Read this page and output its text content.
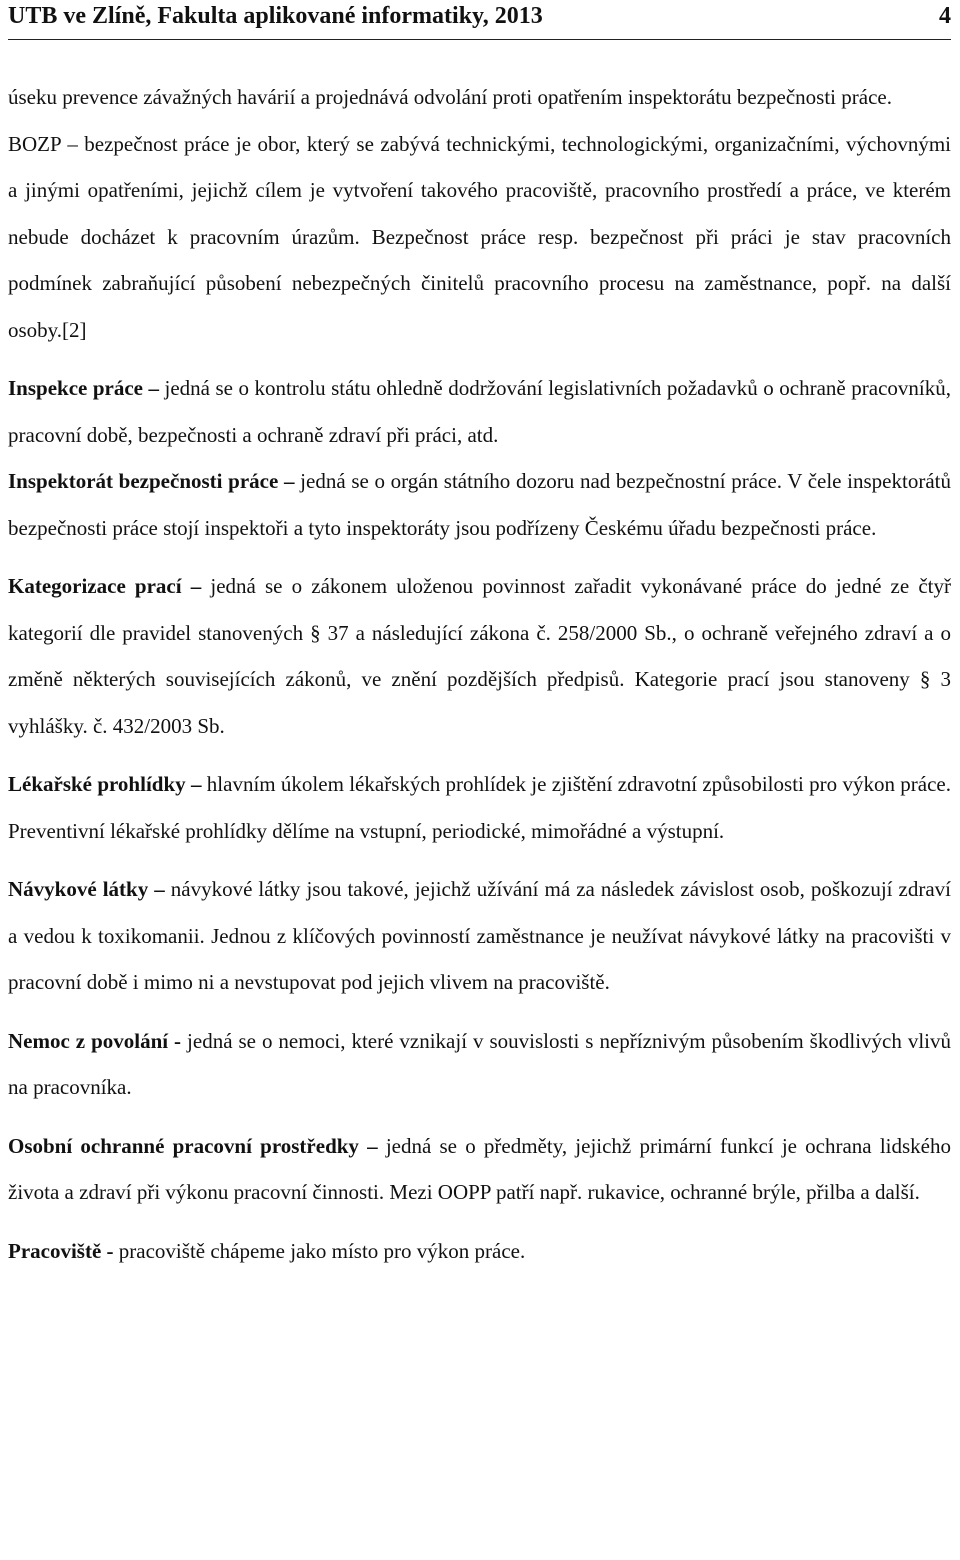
UTB ve Zlíně, Fakulta aplikované informatiky, 2013	4

úseku prevence závažných havárií a projednává odvolání proti opatřením inspektorátu bezpečnosti práce.

BOZP – bezpečnost práce je obor, který se zabývá technickými, technologickými, organizačními, výchovnými a jinými opatřeními, jejichž cílem je vytvoření takového pracoviště, pracovního prostředí a práce, ve kterém nebude docházet k pracovním úrazům. Bezpečnost práce resp. bezpečnost při práci je stav pracovních podmínek zabraňující působení nebezpečných činitelů pracovního procesu na zaměstnance, popř. na další osoby.[2]

Inspekce práce – jedná se o kontrolu státu ohledně dodržování legislativních požadavků o ochraně pracovníků, pracovní době, bezpečnosti a ochraně zdraví při práci, atd.

Inspektorát bezpečnosti práce – jedná se o orgán státního dozoru nad bezpečnostní práce. V čele inspektorátů bezpečnosti práce stojí inspektoři a tyto inspektoráty jsou podřízeny Českému úřadu bezpečnosti práce.

Kategorizace prací – jedná se o zákonem uloženou povinnost zařadit vykonávané práce do jedné ze čtyř kategorií dle pravidel stanovených § 37 a následující zákona č. 258/2000 Sb., o ochraně veřejného zdraví a o změně některých souvisejících zákonů, ve znění pozdějších předpisů. Kategorie prací jsou stanoveny § 3 vyhlášky. č. 432/2003 Sb.

Lékařské prohlídky – hlavním úkolem lékařských prohlídek je zjištění zdravotní způsobilosti pro výkon práce. Preventivní lékařské prohlídky dělíme na vstupní, periodické, mimořádné a výstupní.

Návykové látky – návykové látky jsou takové, jejichž užívání má za následek závislost osob, poškozují zdraví a vedou k toxikomanii. Jednou z klíčových povinností zaměstnance je neužívat návykové látky na pracovišti v pracovní době i mimo ni a nevstupovat pod jejich vlivem na pracoviště.

Nemoc z povolání - jedná se o nemoci, které vznikají v souvislosti s nepříznivým působením škodlivých vlivů na pracovníka.

Osobní ochranné pracovní prostředky – jedná se o předměty, jejichž primární funkcí je ochrana lidského života a zdraví při výkonu pracovní činnosti. Mezi OOPP patří např. rukavice, ochranné brýle, přilba a další.

Pracoviště - pracoviště chápeme jako místo pro výkon práce.
